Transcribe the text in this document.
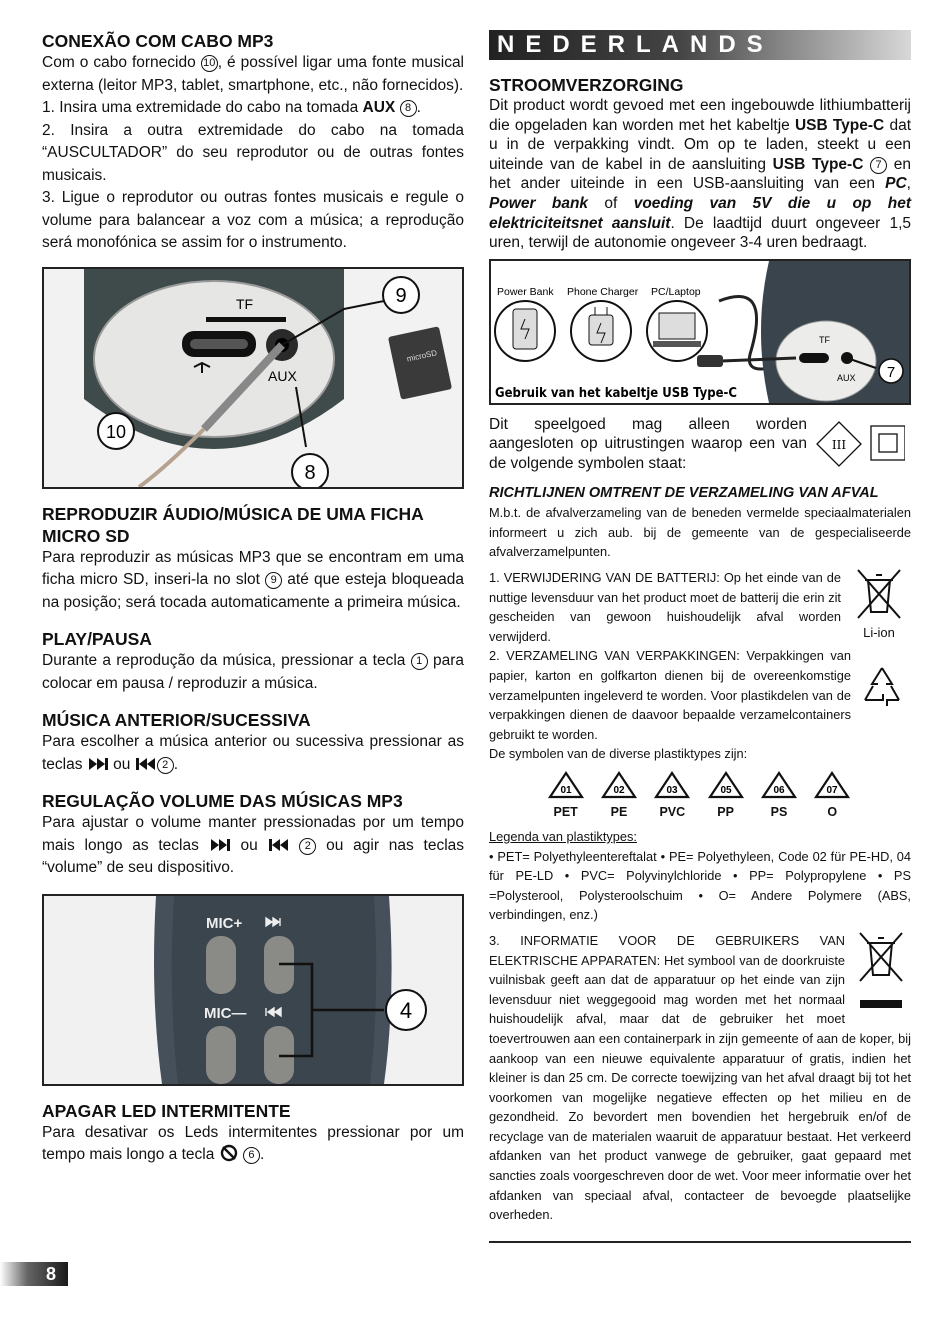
CONEXÃO COM CABO MP3

Com o cabo fornecido 10 , é possível ligar uma fonte musical externa (leitor MP3, tablet, smartphone, etc., não fornecidos).

1. Insira uma extremidade do cabo na tomada AUX 8 .

2. Insira a outra extremidade do cabo na tomada “AUSCULTADOR” do seu reprodutor ou de outras fontes musicais.

3. Ligue o reprodutor ou outras fontes musicais e regule o volume para balancear a voz com a música; a reprodução será monofónica se assim for o instrumento.

microSD
TF
AUX
9
10
8
REPRODUZIR ÁUDIO/MÚSICA DE UMA FICHA MICRO SD

Para reproduzir as músicas MP3 que se encontram em uma ficha micro SD, inseri-la no slot 9 até que esteja bloqueada na posição; será tocada automaticamente a primeira música.

PLAY/PAUSA

Durante a reprodução da música, pressionar a tecla 1 para colocar em pausa / reproduzir a música.

MÚSICA ANTERIOR/SUCESSIVA

Para escolher a música anterior ou sucessiva pressionar as teclas ou	2 .

REGULAÇÃO VOLUME DAS MÚSICAS MP3

Para ajustar o volume manter pressionadas por um tempo mais longo as teclas	ou	2 ou agir nas teclas “volume” de seu dispositivo.

MIC+
MIC—	4
APAGAR LED INTERMITENTE

Para desativar os Leds intermitentes pressionar por um tempo mais longo a tecla	6 .

NEDERLANDS
STROOMVERZORGING

Dit product wordt gevoed met een ingebouwde lithiumbatterij die opgeladen kan worden met het kabeltje USB Type-C dat u in de verpakking vindt. Om op te laden, steekt u een uiteinde van de kabel in de aansluiting USB Type-C 7 en het ander uiteinde in een USB-aansluiting van een PC, Power bank of voeding van 5V die u op het elektriciteitsnet aansluit. De laadtijd duurt ongeveer 1,5 uren, terwijl de autonomie ongeveer 3-4 uren bedraagt.

Power Bank Phone Charger PC/Laptop
TF
AUX 7
Gebruik van het kabeltje USB Type-C

Dit speelgoed mag alleen worden aangesloten op uitrustingen waarop een van de volgende symbolen staat:

III
RICHTLIJNEN OMTRENT DE VERZAMELING VAN AFVAL

M.b.t. de afvalverzameling van de beneden vermelde speciaalmaterialen informeert u zich aub. bij de gemeente van de gespecialiseerde afvalverzamelpunten.

1. VERWIJDERING VAN DE BATTERIJ: Op het einde van de nuttige levensduur van het product moet de batterij die erin zit gescheiden van gewoon huishoudelijk afval worden verwijderd.	Li-ion

2. VERZAMELING VAN VERPAKKINGEN: Verpakkingen van papier, karton en golfkarton dienen bij de overeenkomstige verzamelpunten ingeleverd te worden. Voor plastikdelen van de verpakkingen dienen de daavoor bepaalde verzamelcontainers gebruikt te worden.

De symbolen van de diverse plastiktypes zijn:

01
PET
02
PE
03
PVC
05
PP
06
PS
07
O

Legenda van plastiktypes:

• PET= Polyethyleentereftalat • PE= Polyethyleen, Code 02 für PE-HD, 04 für PE-LD • PVC= Polyvinylchloride • PP= Polypropylene • PS =Polysterool, Polysteroolschuim • O= Andere Polymere (ABS, verbindingen, enz.)

3. INFORMATIE VOOR DE GEBRUIKERS VAN ELEKTRISCHE APPARATEN: Het symbool van de doorkruiste vuilnisbak geeft aan dat de apparatuur op het einde van zijn levensduur niet weggegooid mag worden met het normaal huishoudelijk afval, maar dat de gebruiker het moet toevertrouwen aan een containerpark in zijn gemeente of aan de koper, bij aankoop van een nieuwe equivalente apparatuur of gratis, indien het kleiner is dan 25 cm. De correcte toewijzing van het afval draagt bij tot het voorkomen van mogelijke negatieve effecten op het milieu en de gezondheid. Zo bevordert men bovendien het hergebruik en/of de recyclage van de materialen waaruit de apparatuur bestaat. Het verkeerd afdanken van het product vanwege de gebruiker, gaat gepaard met sancties zoals voorgeschreven door de wet. Voor meer informatie over het afdanken van speciaal afval, contacteer de bevoegde plaatselijke overheden.

8
